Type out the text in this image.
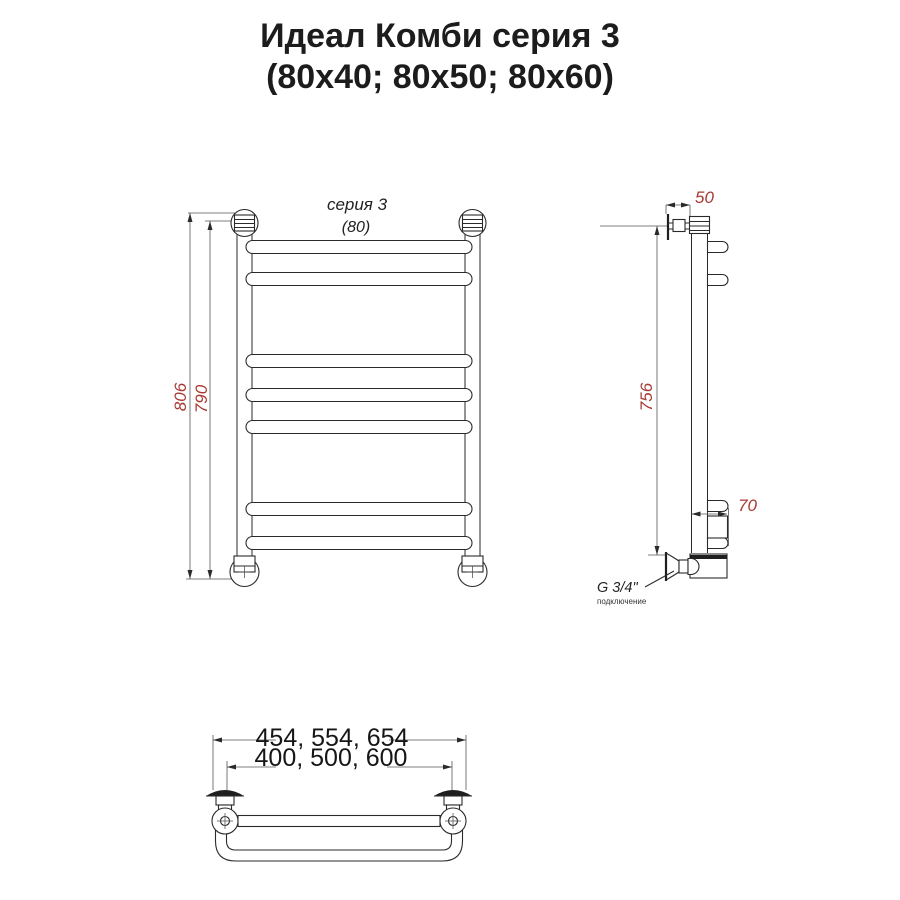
Идеал Комби серия 3
(80x40; 80x50; 80x60)
806 790
серия 3
(80)
756
50
70
G 3/4"
подключение
454, 554, 654
400, 500, 600
